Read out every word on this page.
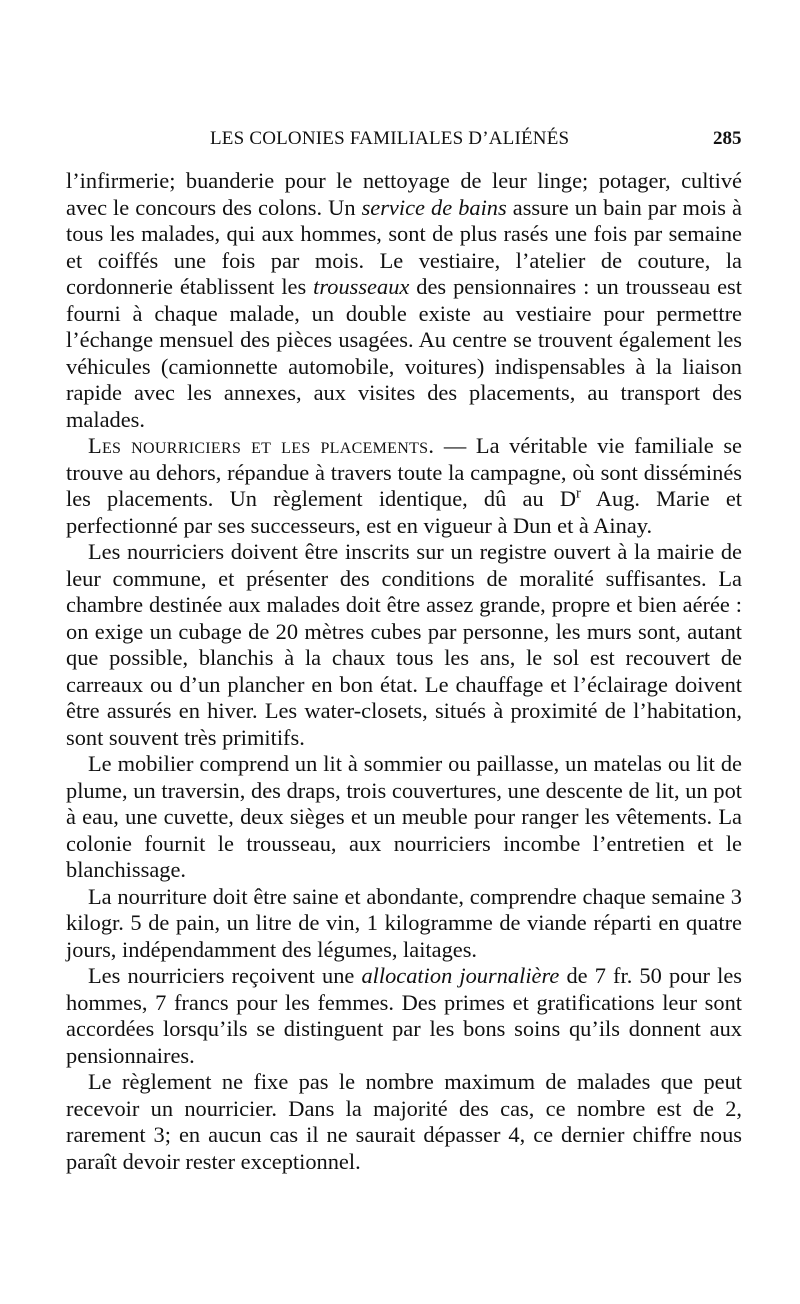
LES COLONIES FAMILIALES D’ALIÉNÉS	285

l’infirmerie; buanderie pour le nettoyage de leur linge; potager, cultivé avec le concours des colons. Un service de bains assure un bain par mois à tous les malades, qui aux hommes, sont de plus rasés une fois par semaine et coiffés une fois par mois. Le vestiaire, l’atelier de couture, la cordonnerie établissent les trousseaux des pensionnaires : un trousseau est fourni à chaque malade, un double existe au vestiaire pour permettre l’échange mensuel des pièces usagées. Au centre se trouvent également les véhicules (camionnette automobile, voitures) indispensables à la liaison rapide avec les annexes, aux visites des placements, au transport des malades.

Les nourriciers et les placements. — La véritable vie familiale se trouve au dehors, répandue à travers toute la campagne, où sont disséminés les placements. Un règlement identique, dû au $D^r$ Aug. Marie et perfectionné par ses successeurs, est en vigueur à Dun et à Ainay.

Les nourriciers doivent être inscrits sur un registre ouvert à la mairie de leur commune, et présenter des conditions de moralité suffisantes. La chambre destinée aux malades doit être assez grande, propre et bien aérée : on exige un cubage de 20 mètres cubes par personne, les murs sont, autant que possible, blanchis à la chaux tous les ans, le sol est recouvert de carreaux ou d’un plancher en bon état. Le chauffage et l’éclairage doivent être assurés en hiver. Les water-closets, situés à proximité de l’habitation, sont souvent très primitifs.

Le mobilier comprend un lit à sommier ou paillasse, un matelas ou lit de plume, un traversin, des draps, trois couvertures, une descente de lit, un pot à eau, une cuvette, deux sièges et un meuble pour ranger les vêtements. La colonie fournit le trousseau, aux nourriciers incombe l’entretien et le blanchissage.

La nourriture doit être saine et abondante, comprendre chaque semaine 3 kilogr. 5 de pain, un litre de vin, 1 kilogramme de viande réparti en quatre jours, indépendamment des légumes, laitages.

Les nourriciers reçoivent une allocation journalière de 7 fr. 50 pour les hommes, 7 francs pour les femmes. Des primes et gratifications leur sont accordées lorsqu’ils se distinguent par les bons soins qu’ils donnent aux pensionnaires.

Le règlement ne fixe pas le nombre maximum de malades que peut recevoir un nourricier. Dans la majorité des cas, ce nombre est de 2, rarement 3; en aucun cas il ne saurait dépasser 4, ce dernier chiffre nous paraît devoir rester exceptionnel.
